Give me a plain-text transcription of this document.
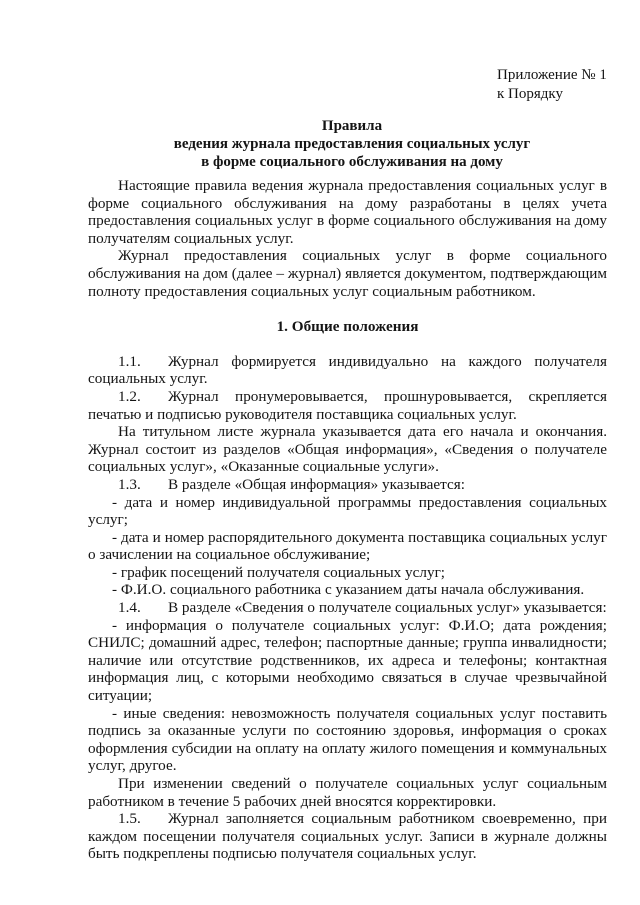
Приложение № 1
к Порядку
Правила
ведения журнала предоставления социальных услуг
в форме социального обслуживания на дому

Настоящие правила ведения журнала предоставления социальных услуг в форме социального обслуживания на дому разработаны в целях учета предоставления социальных услуг в форме социального обслуживания на дому получателям социальных услуг.

Журнал предоставления социальных услуг в форме социального обслуживания на дом (далее – журнал) является документом, подтверждающим полноту предоставления социальных услуг социальным работником.

1. Общие положения

1.1. Журнал формируется индивидуально на каждого получателя социальных услуг.

1.2. Журнал пронумеровывается, прошнуровывается, скрепляется печатью и подписью руководителя поставщика социальных услуг.

На титульном листе журнала указывается дата его начала и окончания. Журнал состоит из разделов «Общая информация», «Сведения о получателе социальных услуг», «Оказанные социальные услуги».

1.3. В разделе «Общая информация» указывается:

- дата и номер индивидуальной программы предоставления социальных услуг;

- дата и номер распорядительного документа поставщика социальных услуг о зачислении на социальное обслуживание;

- график посещений получателя социальных услуг;

- Ф.И.О. социального работника с указанием даты начала обслуживания.

1.4. В разделе «Сведения о получателе социальных услуг» указывается:

- информация о получателе социальных услуг: Ф.И.О; дата рождения; СНИЛС; домашний адрес, телефон; паспортные данные; группа инвалидности; наличие или отсутствие родственников, их адреса и телефоны; контактная информация лиц, с которыми необходимо связаться в случае чрезвычайной ситуации;

- иные сведения: невозможность получателя социальных услуг поставить подпись за оказанные услуги по состоянию здоровья, информация о сроках оформления субсидии на оплату на оплату жилого помещения и коммунальных услуг, другое.

При изменении сведений о получателе социальных услуг социальным работником в течение 5 рабочих дней вносятся корректировки.

1.5. Журнал заполняется социальным работником своевременно, при каждом посещении получателя социальных услуг. Записи в журнале должны быть подкреплены подписью получателя социальных услуг.
